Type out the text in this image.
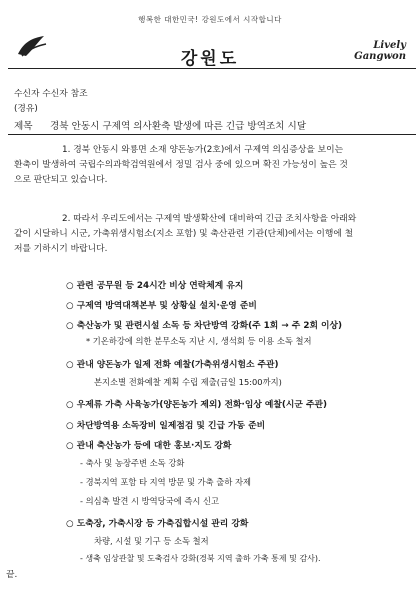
행복한 대한민국! 강원도에서 시작합니다
강원도
Lively
Gangwon
수신자 수신자 참조
(경유)
제목 경북 안동시 구제역 의사환축 발생에 따른 긴급 방역조치 시달
1. 경북 안동시 와룡면 소재 양돈농가(2호)에서 구제역 의심증상을 보이는
환축이 발생하여 국립수의과학검역원에서 정밀 검사 중에 있으며 확진 가능성이 높은 것
으로 판단되고 있습니다.
2. 따라서 우리도에서는 구제역 발생확산에 대비하여 긴급 조치사항을 아래와
같이 시달하니 시군, 가축위생시험소(지소 포함) 및 축산관련 기관(단체)에서는 이행에 철
저를 기하시기 바랍니다.
○ 관련 공무원 등 24시간 비상 연락체계 유지
○ 구제역 방역대책본부 및 상황실 설치·운영 준비
○ 축산농가 및 관련시설 소독 등 차단방역 강화(주 1회 → 주 2회 이상)
* 기온하강에 의한 분무소독 지난 시, 생석회 등 이용 소독 철저
○ 관내 양돈농가 일제 전화 예찰(가축위생시험소 주관)
본지소별 전화예찰 계획 수립 제출(금일 15:00까지)
○ 우제류 가축 사육농가(양돈농가 제외) 전화·임상 예찰(시군 주관)
○ 차단방역용 소독장비 일제점검 및 긴급 가동 준비
○ 관내 축산농가 등에 대한 홍보·지도 강화
- 축사 및 농장주변 소독 강화
- 경북지역 포함 타 지역 방문 및 가축 출하 자제
- 의심축 발견 시 방역당국에 즉시 신고
○ 도축장, 가축시장 등 가축집합시설 관리 강화
차량, 시설 및 기구 등 소독 철저
- 생축 임상관찰 및 도축검사 강화(경북 지역 출하 가축 통제 및 감사).
끝.
